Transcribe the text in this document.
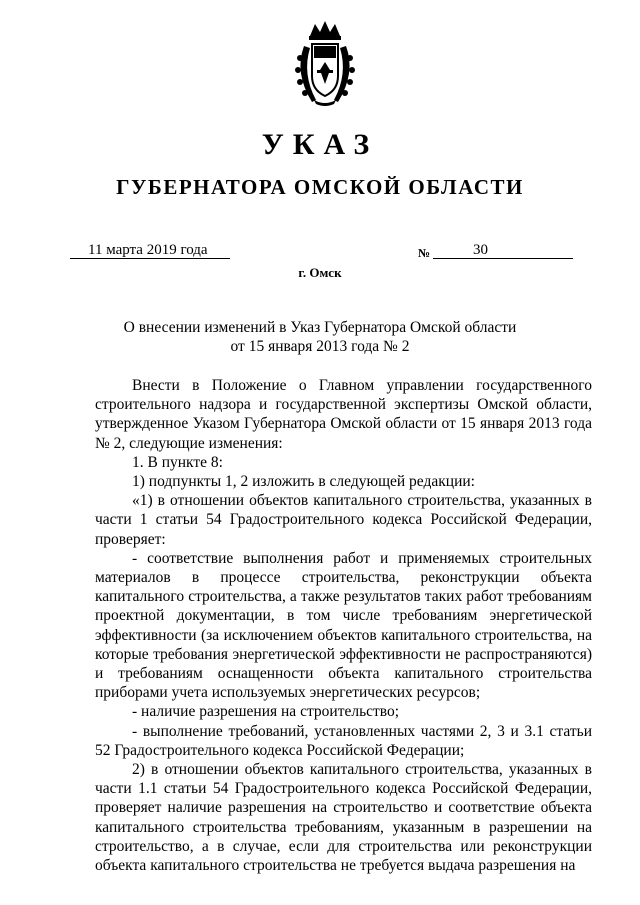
УКАЗ
ГУБЕРНАТОРА ОМСКОЙ ОБЛАСТИ
11 марта 2019 года	№	30
г. Омск
О внесении изменений в Указ Губернатора Омской области
от 15 января 2013 года № 2

Внести в Положение о Главном управлении государственного строительного надзора и государственной экспертизы Омской области, утвержденное Указом Губернатора Омской области от 15 января 2013 года № 2, следующие изменения:

1. В пункте 8:

1) подпункты 1, 2 изложить в следующей редакции:

«1) в отношении объектов капитального строительства, указанных в части 1 статьи 54 Градостроительного кодекса Российской Федерации, проверяет:

- соответствие выполнения работ и применяемых строительных материалов в процессе строительства, реконструкции объекта капитального строительства, а также результатов таких работ требованиям проектной документации, в том числе требованиям энергетической эффективности (за исключением объектов капитального строительства, на которые требования энергетической эффективности не распространяются) и требованиям оснащенности объекта капитального строительства приборами учета используемых энергетических ресурсов;

- наличие разрешения на строительство;

- выполнение требований, установленных частями 2, 3 и 3.1 статьи 52 Градостроительного кодекса Российской Федерации;

2) в отношении объектов капитального строительства, указанных в части 1.1 статьи 54 Градостроительного кодекса Российской Федерации, проверяет наличие разрешения на строительство и соответствие объекта капитального строительства требованиям, указанным в разрешении на строительство, а в случае, если для строительства или реконструкции объекта капитального строительства не требуется выдача разрешения на
